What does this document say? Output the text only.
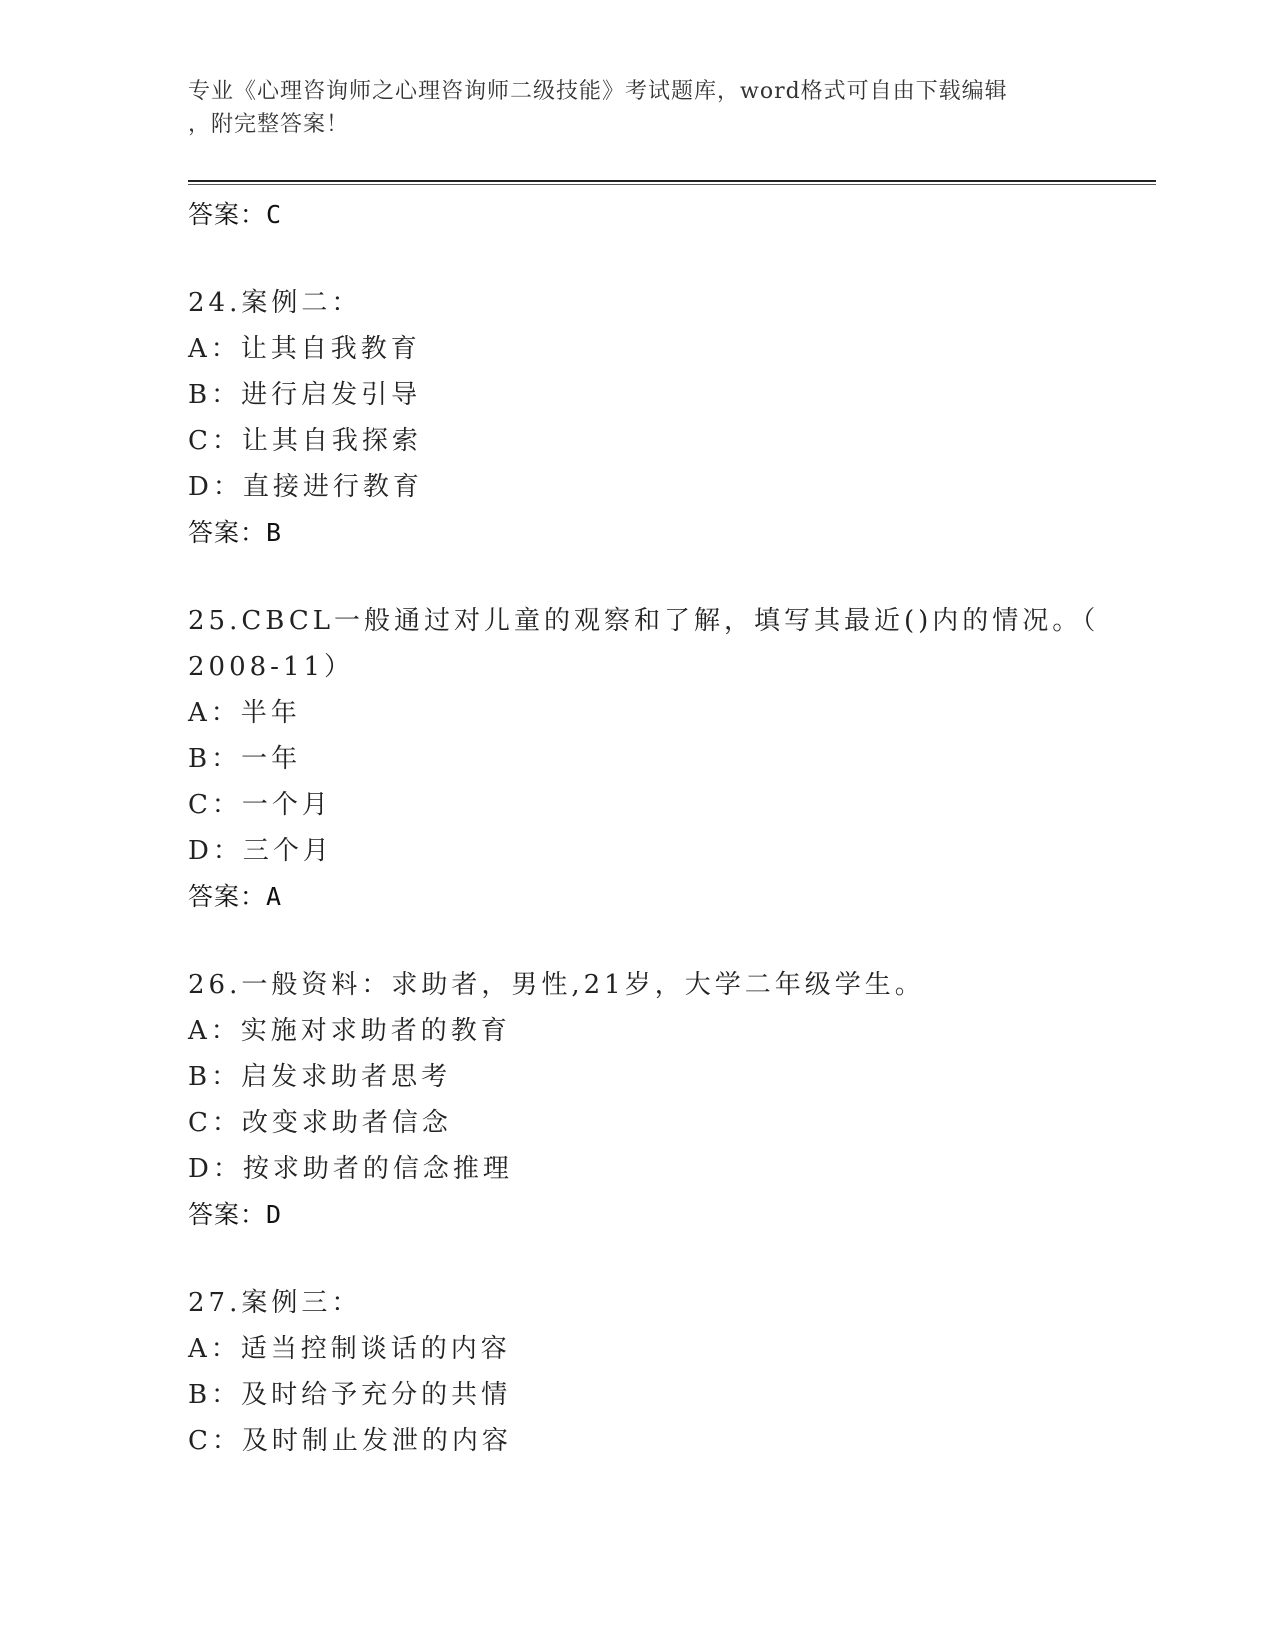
专业《心理咨询师之心理咨询师二级技能》考试题库，word格式可自由下载编辑
，附完整答案！
答案：C
24.案例二：
A：让其自我教育
B：进行启发引导
C：让其自我探索
D：直接进行教育
答案：B
25.CBCL一般通过对儿童的观察和了解，填写其最近()内的情况。（
2008-11）
A：半年
B：一年
C：一个月
D：三个月
答案：A
26.一般资料：求助者，男性,21岁，大学二年级学生。
A：实施对求助者的教育
B：启发求助者思考
C：改变求助者信念
D：按求助者的信念推理
答案：D
27.案例三：
A：适当控制谈话的内容
B：及时给予充分的共情
C：及时制止发泄的内容
